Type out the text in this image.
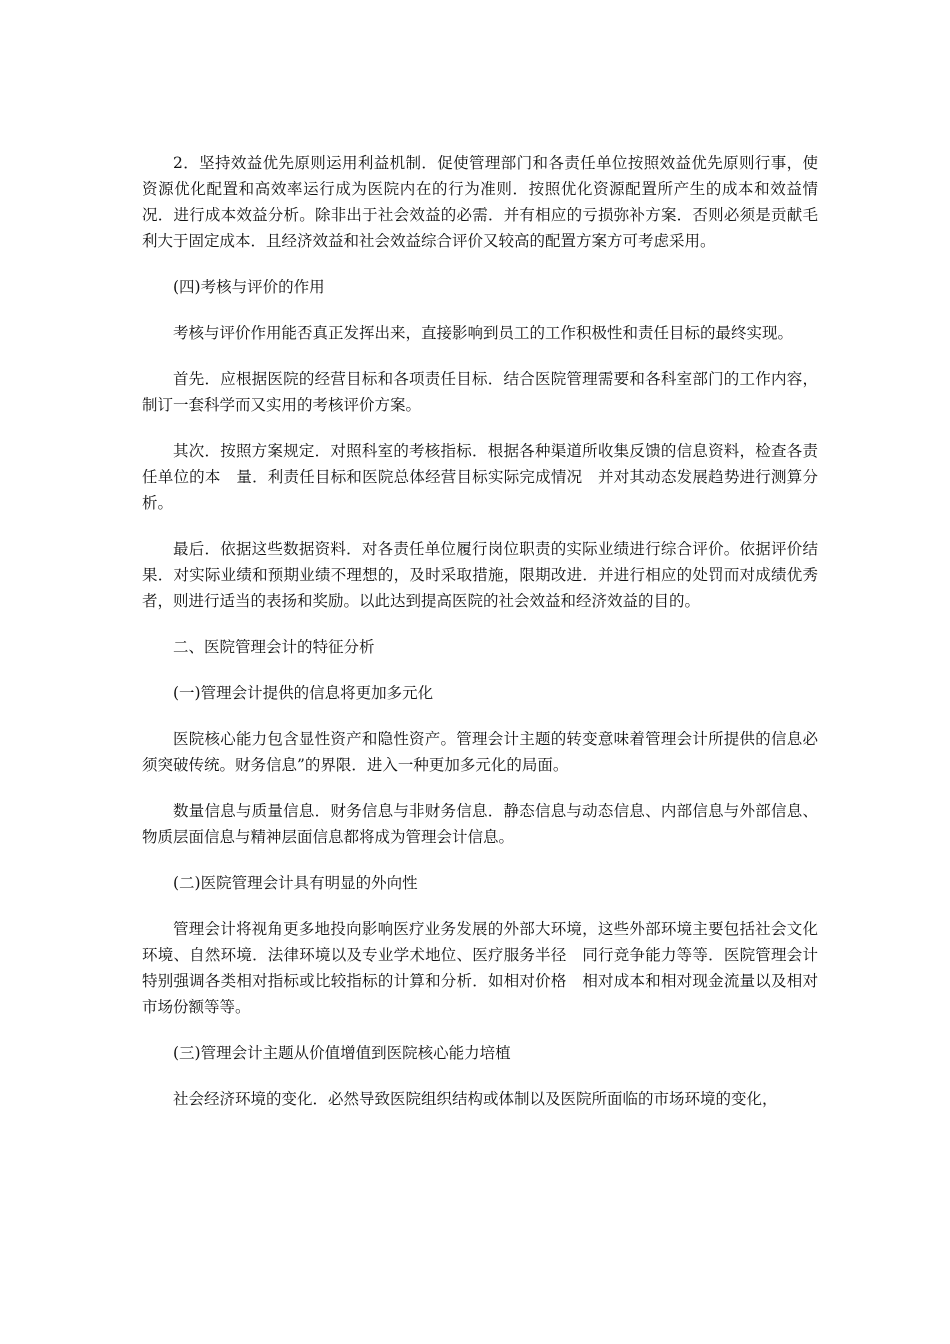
2．坚持效益优先原则运用利益机制．促使管理部门和各责任单位按照效益优先原则行事，使资源优化配置和高效率运行成为医院内在的行为准则．按照优化资源配置所产生的成本和效益情况．进行成本效益分析。除非出于社会效益的必需．并有相应的亏损弥补方案．否则必须是贡献毛利大于固定成本．且经济效益和社会效益综合评价又较高的配置方案方可考虑采用。

(四)考核与评价的作用

考核与评价作用能否真正发挥出来，直接影响到员工的工作积极性和责任目标的最终实现。

首先．应根据医院的经营目标和各项责任目标．结合医院管理需要和各科室部门的工作内容，制订一套科学而又实用的考核评价方案。

其次．按照方案规定．对照科室的考核指标．根据各种渠道所收集反馈的信息资料，检查各责任单位的本　量．利责任目标和医院总体经营目标实际完成情况　并对其动态发展趋势进行测算分析。

最后．依据这些数据资料．对各责任单位履行岗位职责的实际业绩进行综合评价。依据评价结果．对实际业绩和预期业绩不理想的，及时采取措施，限期改进．并进行相应的处罚而对成绩优秀者，则进行适当的表扬和奖励。以此达到提高医院的社会效益和经济效益的目的。

二、医院管理会计的特征分析

(一)管理会计提供的信息将更加多元化

医院核心能力包含显性资产和隐性资产。管理会计主题的转变意味着管理会计所提供的信息必须突破传统。财务信息”的界限．进入一种更加多元化的局面。

数量信息与质量信息．财务信息与非财务信息．静态信息与动态信息、内部信息与外部信息、物质层面信息与精神层面信息都将成为管理会计信息。

(二)医院管理会计具有明显的外向性

管理会计将视角更多地投向影响医疗业务发展的外部大环境，这些外部环境主要包括社会文化环境、自然环境．法律环境以及专业学术地位、医疗服务半径　同行竞争能力等等．医院管理会计特别强调各类相对指标或比较指标的计算和分析．如相对价格　相对成本和相对现金流量以及相对市场份额等等。

(三)管理会计主题从价值增值到医院核心能力培植

社会经济环境的变化．必然导致医院组织结构或体制以及医院所面临的市场环境的变化，
